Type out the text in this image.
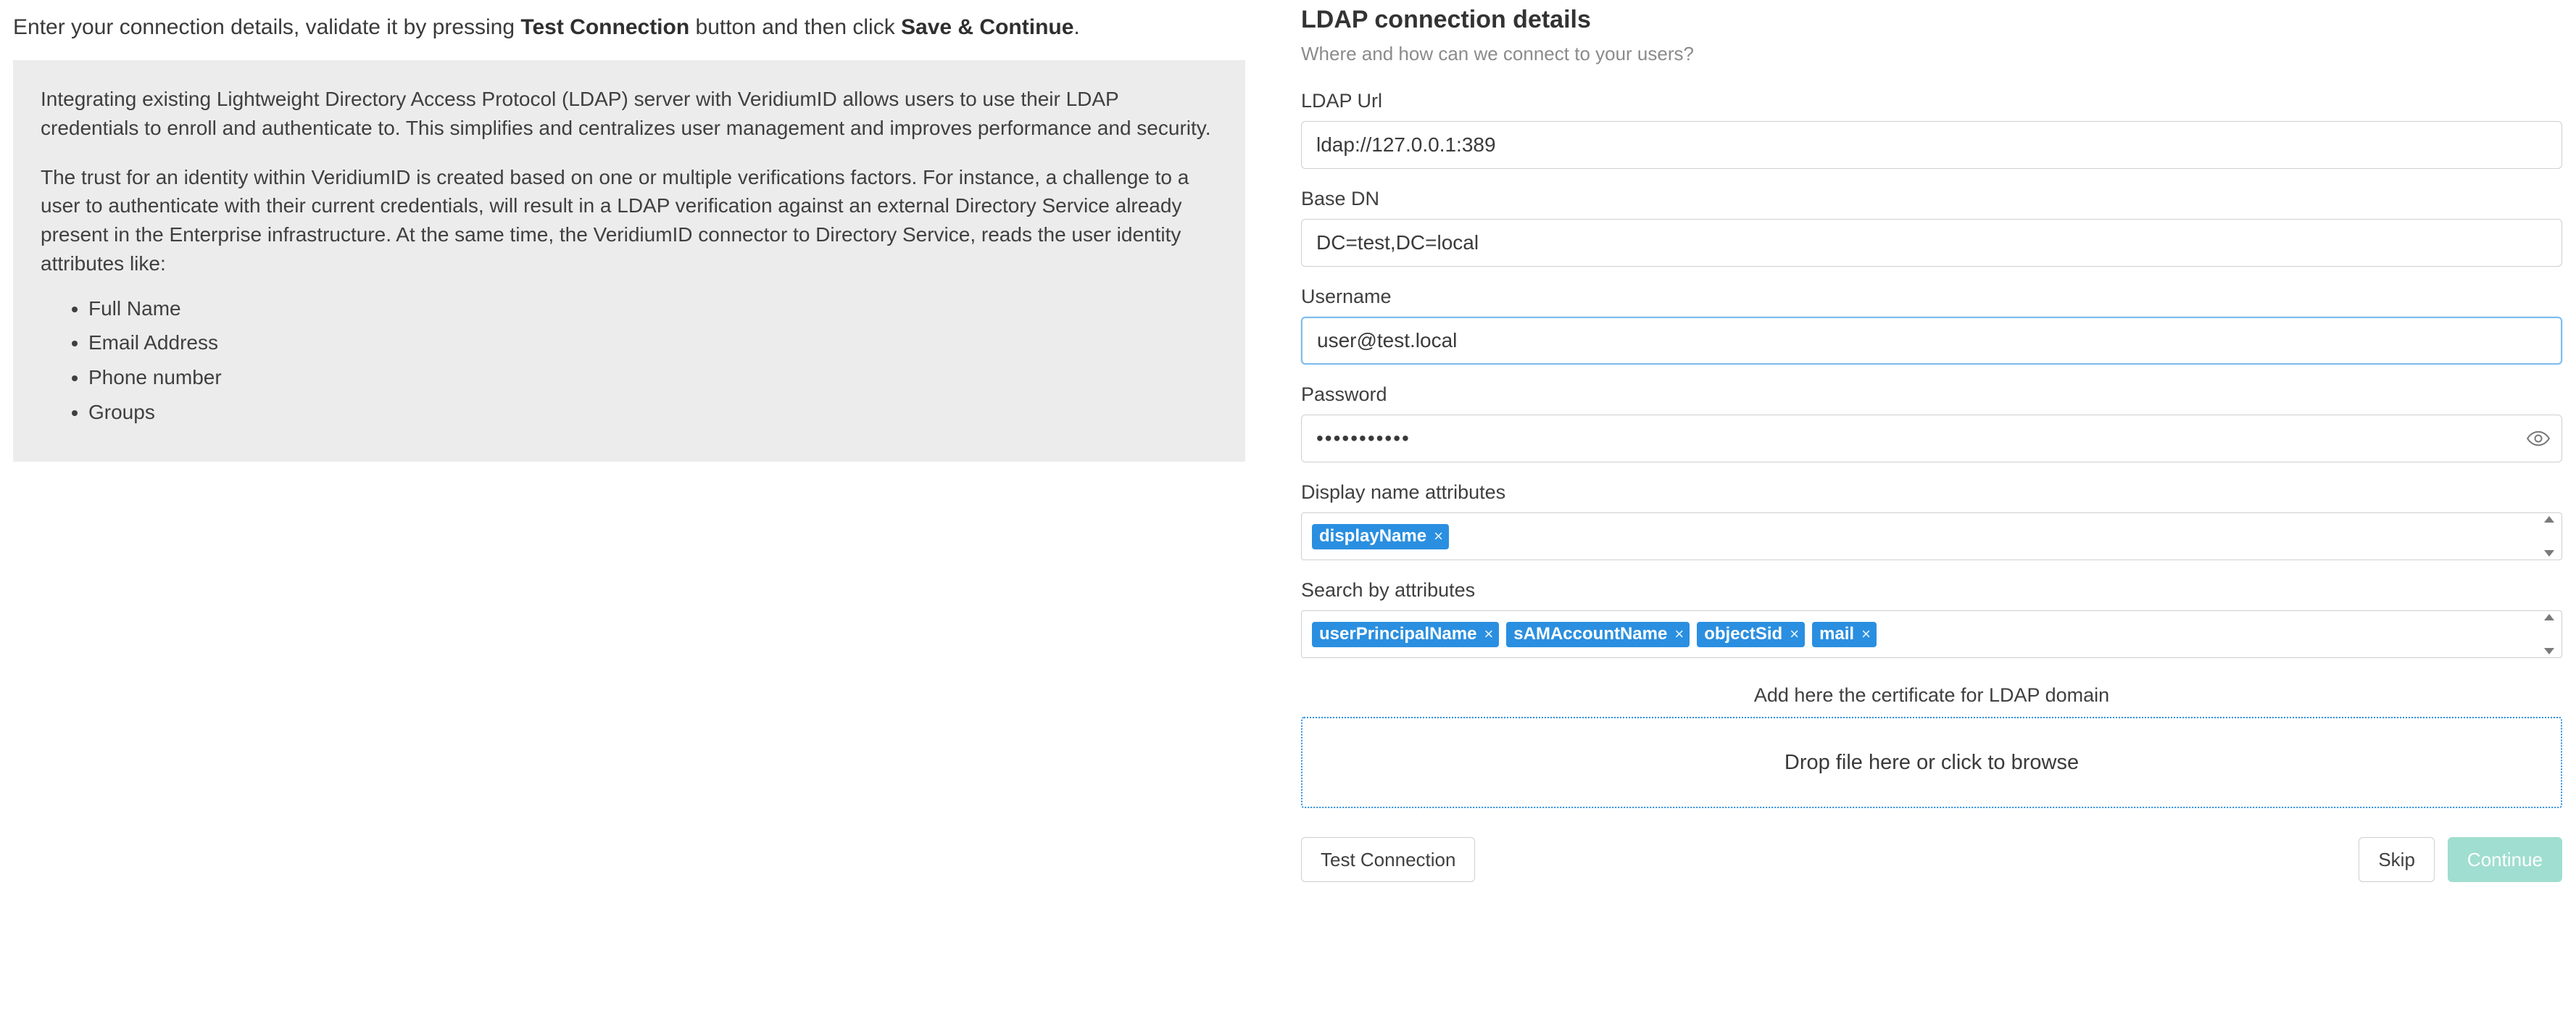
Enter your connection details, validate it by pressing Test Connection button and then click Save & Continue.

Integrating existing Lightweight Directory Access Protocol (LDAP) server with VeridiumID allows users to use their LDAP credentials to enroll and authenticate to. This simplifies and centralizes user management and improves performance and security.

The trust for an identity within VeridiumID is created based on one or multiple verifications factors. For instance, a challenge to a user to authenticate with their current credentials, will result in a LDAP verification against an external Directory Service already present in the Enterprise infrastructure. At the same time, the VeridiumID connector to Directory Service, reads the user identity attributes like:

• Full Name
• Email Address
• Phone number
• Groups
LDAP connection details
Where and how can we connect to your users?
LDAP Url
ldap://127.0.0.1:389
Base DN
DC=test,DC=local
Username
user@test.local
Password
•••••••••••
Display name attributes
displayName ×
Search by attributes
userPrincipalName × sAMAccountName × objectSid × mail ×
Add here the certificate for LDAP domain
Drop file here or click to browse
Test Connection	Skip	Continue
